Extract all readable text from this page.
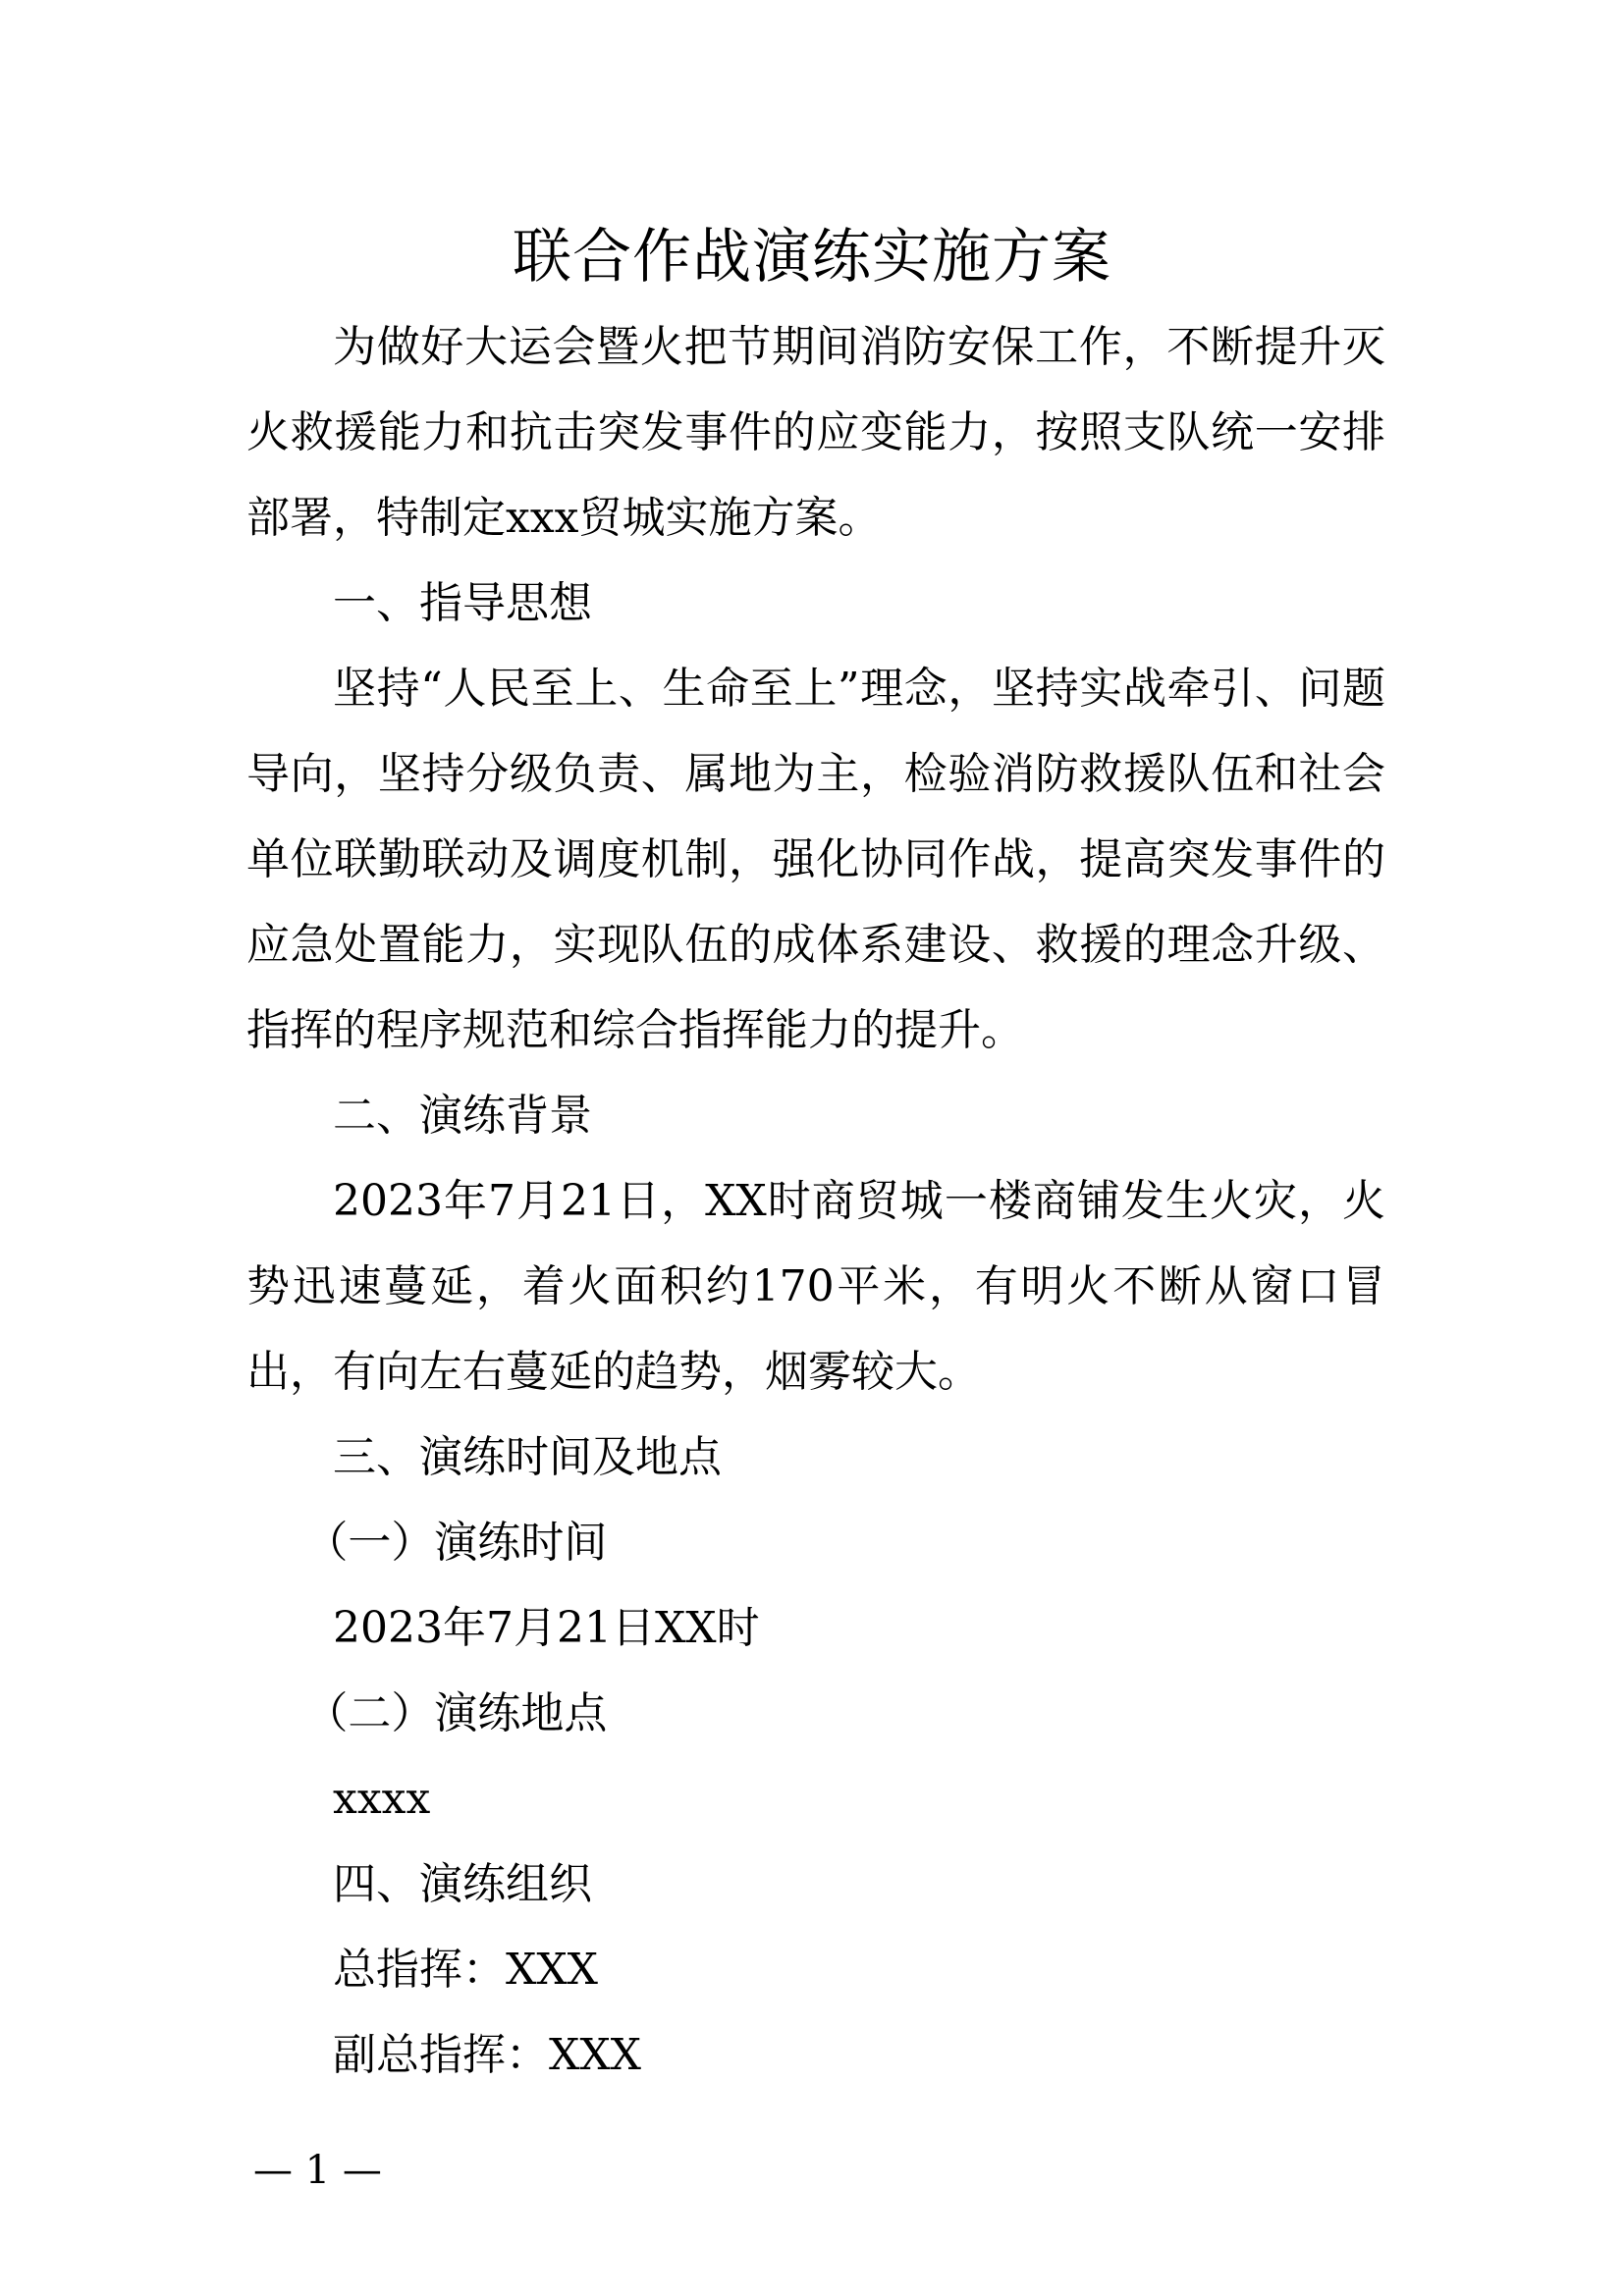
联合作战演练实施方案

为做好大运会暨火把节期间消防安保工作，不断提升灭火救援能力和抗击突发事件的应变能力，按照支队统一安排部署，特制定xxx贸城实施方案。

一、指导思想

坚持“人民至上、生命至上”理念，坚持实战牵引、问题导向，坚持分级负责、属地为主，检验消防救援队伍和社会单位联勤联动及调度机制，强化协同作战，提高突发事件的应急处置能力，实现队伍的成体系建设、救援的理念升级、指挥的程序规范和综合指挥能力的提升。

二、演练背景

2023年7月21日，XX时商贸城一楼商铺发生火灾，火势迅速蔓延，着火面积约170平米，有明火不断从窗口冒出，有向左右蔓延的趋势，烟雾较大。

三、演练时间及地点

（一）演练时间

2023年7月21日XX时

（二）演练地点

xxxx

四、演练组织

总指挥：XXX

副总指挥：XXX

— 1 —
